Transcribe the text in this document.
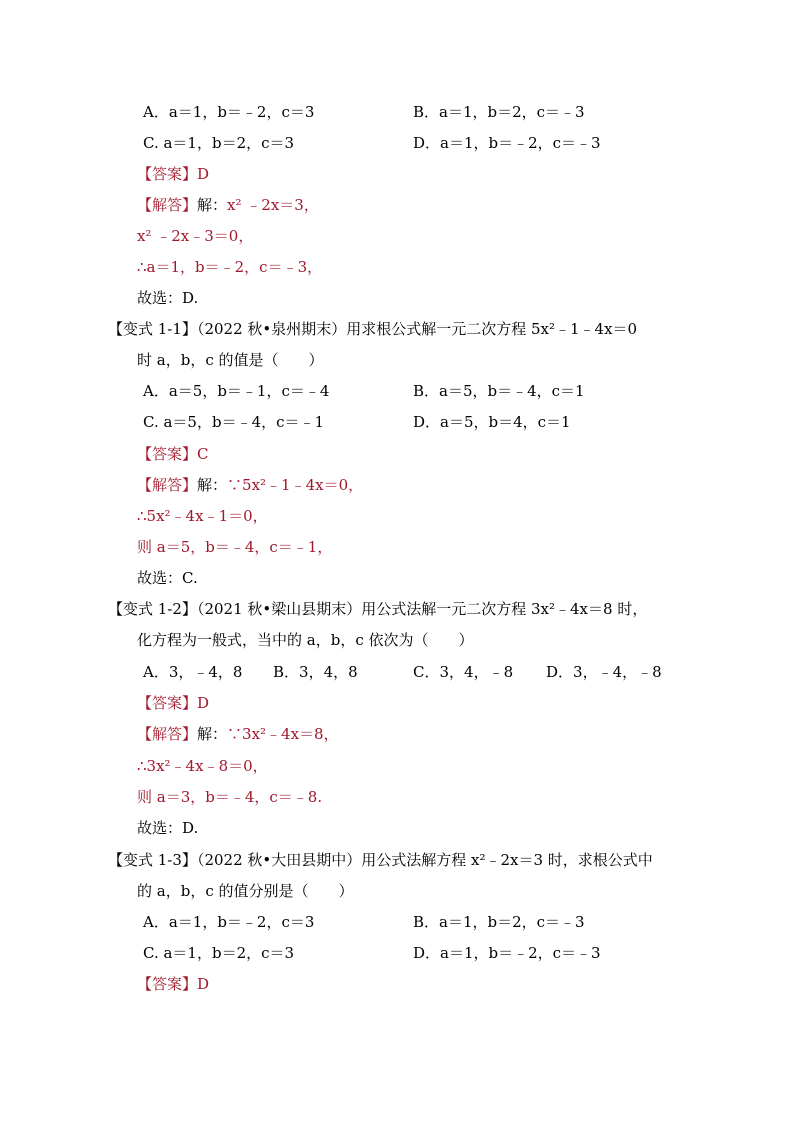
A．a＝1，b＝﹣2，c＝3	B．a＝1，b＝2，c＝﹣3
C. a＝1，b＝2，c＝3	D．a＝1，b＝﹣2，c＝﹣3
【答案】D
【解答】解：x² ﹣2x＝3，
x² ﹣2x﹣3＝0，
∴a＝1，b＝﹣2，c＝﹣3，
故选：D.
【变式 1-1】（2022 秋•泉州期末）用求根公式解一元二次方程 5x²﹣1﹣4x＝0
时 a，b，c 的值是（　　）
A．a＝5，b＝﹣1，c＝﹣4	B．a＝5，b＝﹣4，c＝1
C. a＝5，b＝﹣4，c＝﹣1	D．a＝5，b＝4，c＝1
【答案】C
【解答】解：∵5x²﹣1﹣4x＝0，
∴5x²﹣4x﹣1＝0，
则 a＝5，b＝﹣4，c＝﹣1，
故选：C.
【变式 1-2】（2021 秋•梁山县期末）用公式法解一元二次方程 3x²﹣4x＝8 时，
化方程为一般式，当中的 a，b，c 依次为（　　）
A．3，﹣4，8 B．3，4，8	C．3，4，﹣8 D．3，﹣4，﹣8
【答案】D
【解答】解：∵3x²﹣4x＝8，
∴3x²﹣4x﹣8＝0，
则 a＝3，b＝﹣4，c＝﹣8.
故选：D.
【变式 1-3】（2022 秋•大田县期中）用公式法解方程 x²﹣2x＝3 时，求根公式中
的 a，b，c 的值分别是（　　）
A．a＝1，b＝﹣2，c＝3	B．a＝1，b＝2，c＝﹣3
C. a＝1，b＝2，c＝3	D．a＝1，b＝﹣2，c＝﹣3
【答案】D
